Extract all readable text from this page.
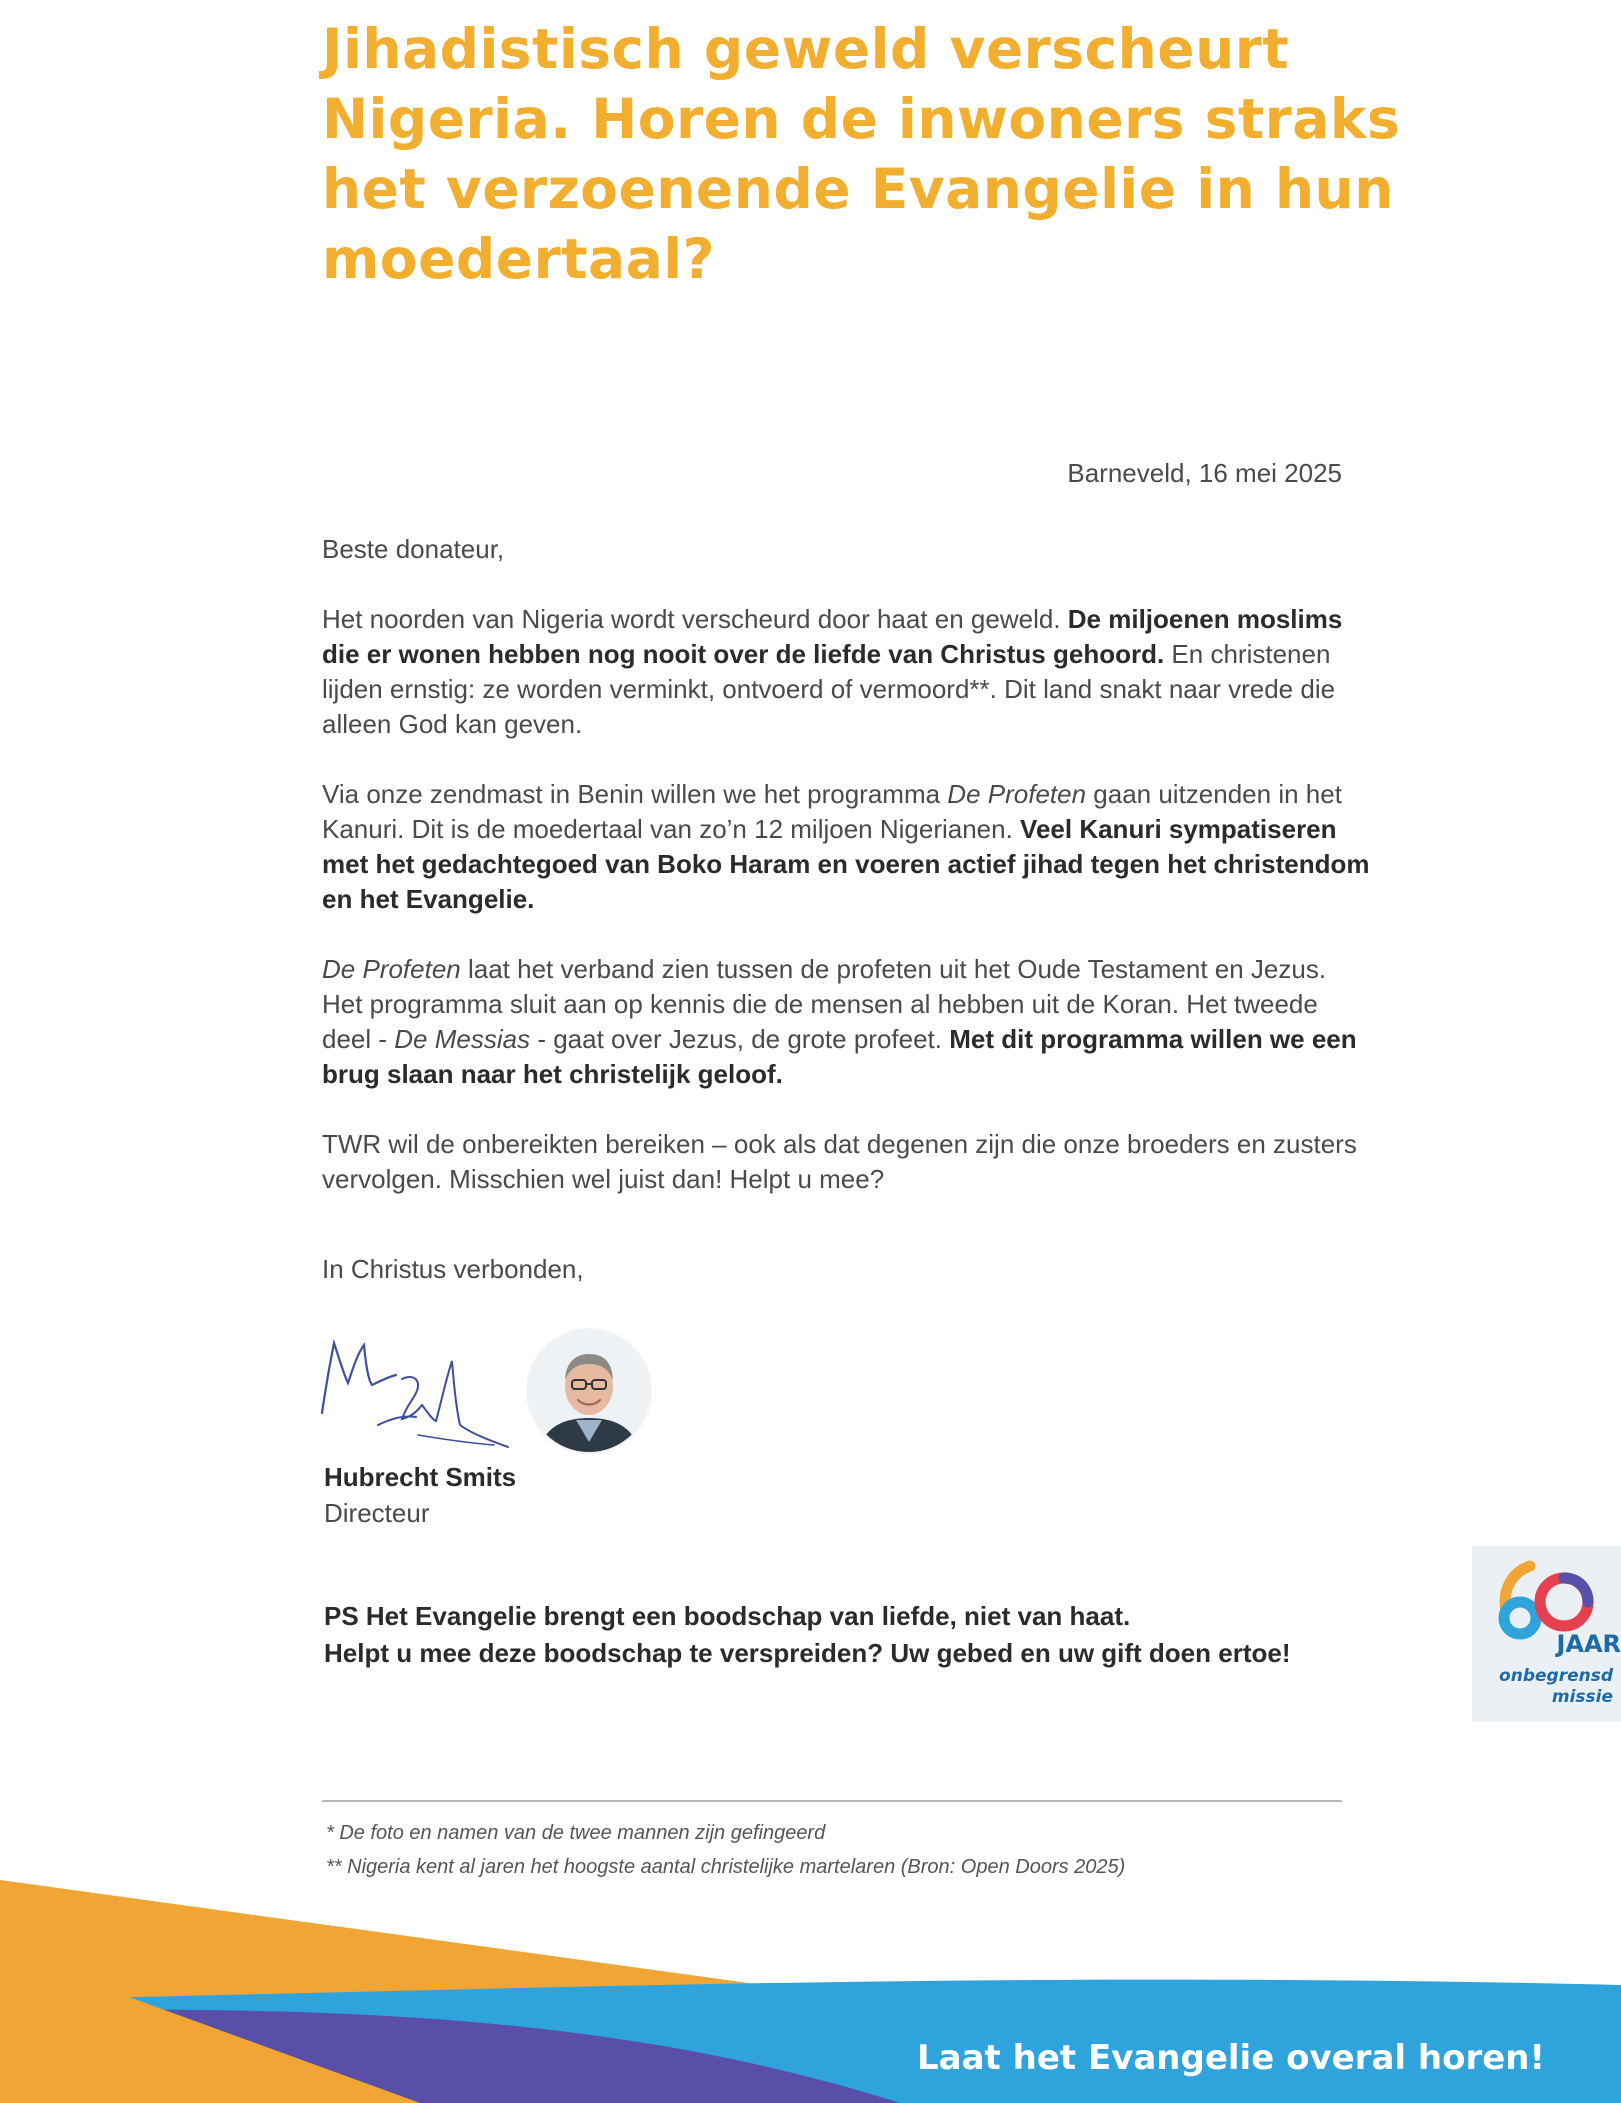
Jihadistisch geweld verscheurt Nigeria. Horen de inwoners straks het verzoenende Evangelie in hun moedertaal?
Barneveld, 16 mei 2025

Beste donateur,

Het noorden van Nigeria wordt verscheurd door haat en geweld. De miljoenen moslims die er wonen hebben nog nooit over de liefde van Christus gehoord. En christenen lijden ernstig: ze worden verminkt, ontvoerd of vermoord**. Dit land snakt naar vrede die alleen God kan geven.

Via onze zendmast in Benin willen we het programma De Profeten gaan uitzenden in het Kanuri. Dit is de moedertaal van zo’n 12 miljoen Nigerianen. Veel Kanuri sympatiseren met het gedachtegoed van Boko Haram en voeren actief jihad tegen het christendom en het Evangelie.

De Profeten laat het verband zien tussen de profeten uit het Oude Testament en Jezus. Het programma sluit aan op kennis die de mensen al hebben uit de Koran. Het tweede deel - De Messias - gaat over Jezus, de grote profeet. Met dit programma willen we een brug slaan naar het christelijk geloof.

TWR wil de onbereikten bereiken – ook als dat degenen zijn die onze broeders en zusters vervolgen. Misschien wel juist dan! Helpt u mee?

In Christus verbonden,

Hubrecht Smits
Directeur
PS Het Evangelie brengt een boodschap van liefde, niet van haat.
Helpt u mee deze boodschap te verspreiden? Uw gebed en uw gift doen ertoe!
60
JAAR
onbegrensd
missie
* De foto en namen van de twee mannen zijn gefingeerd
** Nigeria kent al jaren het hoogste aantal christelijke martelaren (Bron: Open Doors 2025)
Laat het Evangelie overal horen!
